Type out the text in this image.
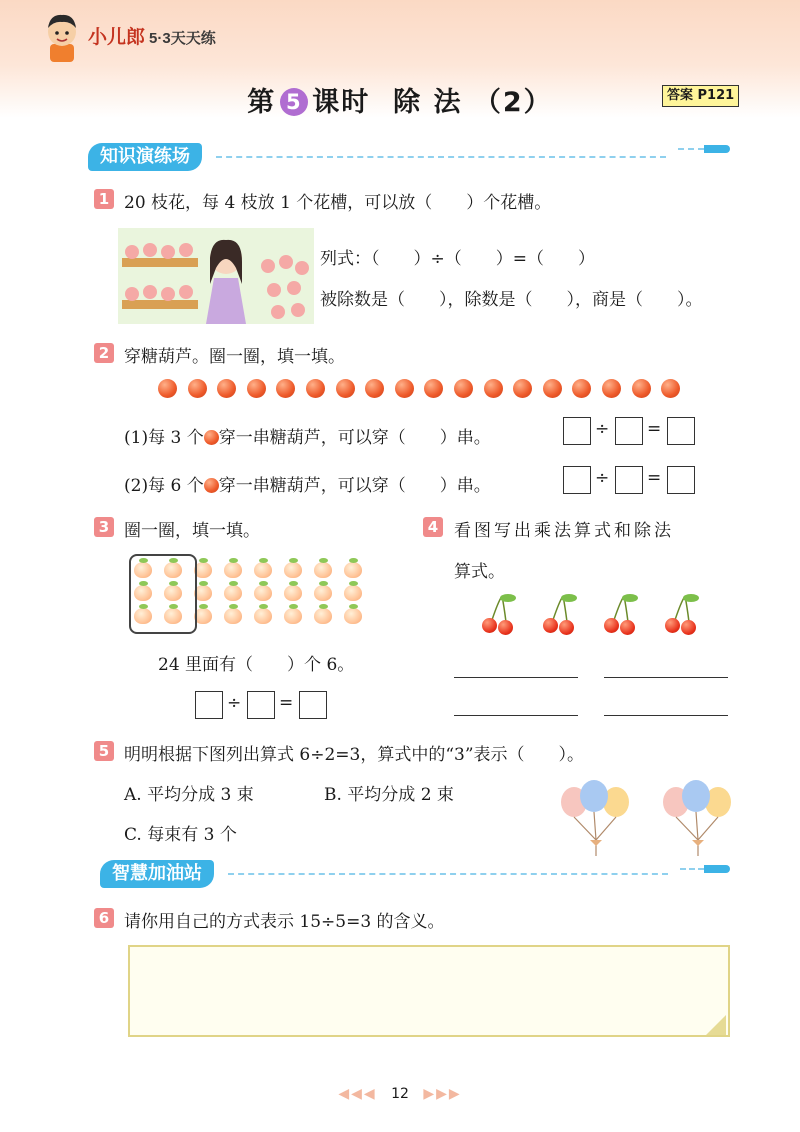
小儿郎 5·3天天练
第 5 课时  除 法 （2）	答案 P121
知识演练场
1 20 枝花，每 4 枝放 1 个花槽，可以放（　　）个花槽。
列式：（　　）÷（　　）=（　　）
被除数是（　　），除数是（　　），商是（　　）。
2 穿糖葫芦。圈一圈，填一填。
(1)每 3 个 穿一串糖葫芦，可以穿（　　）串。	÷ =
(2)每 6 个 穿一串糖葫芦，可以穿（　　）串。	÷ =
3 圈一圈，填一填。
24 里面有（　　）个 6。
÷ =
4 看图写出乘法算式和除法
算式。
5 明明根据下图列出算式 6÷2=3，算式中的“3”表示（　　）。
A. 平均分成 3 束	B. 平均分成 2 束
C. 每束有 3 个
智慧加油站
6 请你用自己的方式表示 15÷5=3 的含义。
◀◀◀ 12 ▶▶▶
